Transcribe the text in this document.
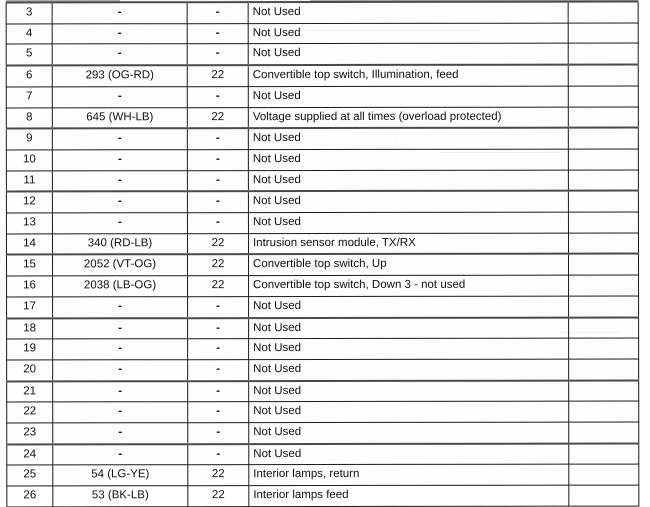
3	-	-	Not Used	
4	-	-	Not Used	
5	-	-	Not Used	
6	293 (OG-RD)	22	Convertible top switch, Illumination, feed	
7	-	-	Not Used	
8	645 (WH-LB)	22	Voltage supplied at all times (overload protected)	
9	-	-	Not Used	
10	-	-	Not Used	
11	-	-	Not Used	
12	-	-	Not Used	
13	-	-	Not Used	
14	340 (RD-LB)	22	Intrusion sensor module, TX/RX	
15	2052 (VT-OG)	22	Convertible top switch, Up	
16	2038 (LB-OG)	22	Convertible top switch, Down 3 - not used	
17	-	-	Not Used	
18	-	-	Not Used	
19	-	-	Not Used	
20	-	-	Not Used	
21	-	-	Not Used	
22	-	-	Not Used	
23	-	-	Not Used	
24	-	-	Not Used	
25	54 (LG-YE)	22	Interior lamps, return	
26	53 (BK-LB)	22	Interior lamps feed	
